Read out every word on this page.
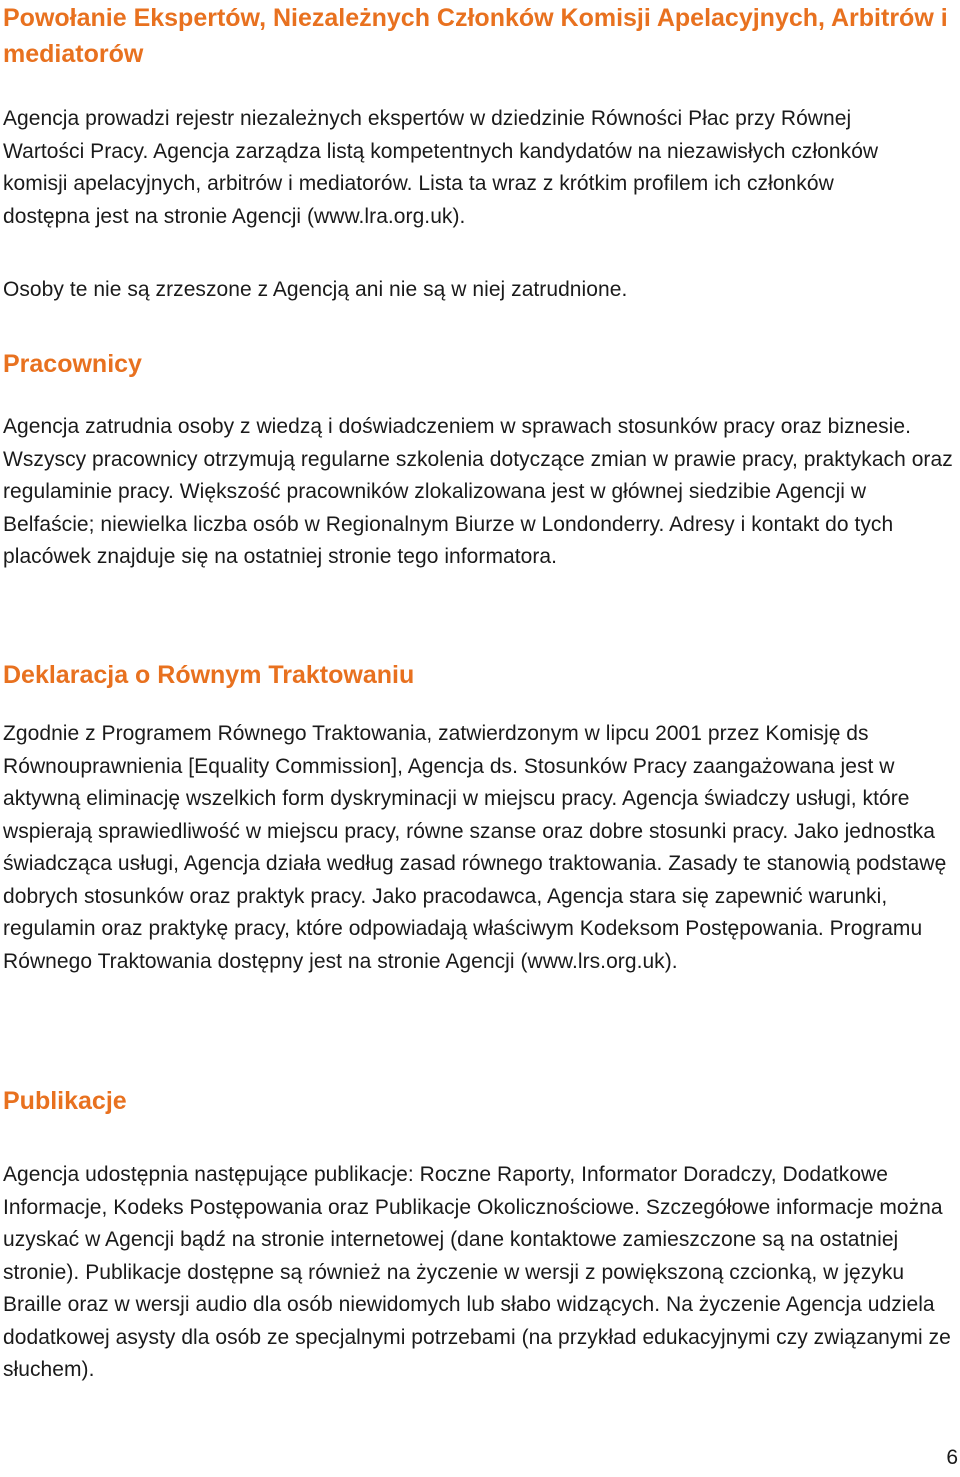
Powołanie Ekspertów, Niezależnych Członków Komisji Apelacyjnych, Arbitrów i mediatorów

Agencja prowadzi rejestr niezależnych ekspertów w dziedzinie Równości Płac przy Równej Wartości Pracy. Agencja zarządza listą kompetentnych kandydatów na niezawisłych członków komisji apelacyjnych, arbitrów i mediatorów. Lista ta wraz z krótkim profilem ich członków dostępna jest na stronie Agencji (www.lra.org.uk).

Osoby te nie są zrzeszone z Agencją ani nie są w niej zatrudnione.

Pracownicy

Agencja zatrudnia osoby z wiedzą i doświadczeniem w sprawach stosunków pracy oraz biznesie. Wszyscy pracownicy otrzymują regularne szkolenia dotyczące zmian w prawie pracy, praktykach oraz regulaminie pracy. Większość pracowników zlokalizowana jest w głównej siedzibie Agencji w Belfaście; niewielka liczba osób w Regionalnym Biurze w Londonderry. Adresy i kontakt do tych placówek znajduje się na ostatniej stronie tego informatora.

Deklaracja o Równym Traktowaniu

Zgodnie z Programem Równego Traktowania, zatwierdzonym w lipcu 2001 przez Komisję ds Równouprawnienia [Equality Commission], Agencja ds. Stosunków Pracy zaangażowana jest w aktywną eliminację wszelkich form dyskryminacji w miejscu pracy. Agencja świadczy usługi, które wspierają sprawiedliwość w miejscu pracy, równe szanse oraz dobre stosunki pracy. Jako jednostka świadcząca usługi, Agencja działa według zasad równego traktowania. Zasady te stanowią podstawę dobrych stosunków oraz praktyk pracy. Jako pracodawca, Agencja stara się zapewnić warunki, regulamin oraz praktykę pracy, które odpowiadają właściwym Kodeksom Postępowania. Programu Równego Traktowania dostępny jest na stronie Agencji (www.lrs.org.uk).

Publikacje

Agencja udostępnia następujące publikacje: Roczne Raporty, Informator Doradczy, Dodatkowe Informacje, Kodeks Postępowania oraz Publikacje Okolicznościowe. Szczegółowe informacje można uzyskać w Agencji bądź na stronie internetowej (dane kontaktowe zamieszczone są na ostatniej stronie). Publikacje dostępne są również na życzenie w wersji z powiększoną czcionką, w języku Braille oraz w wersji audio dla osób niewidomych lub słabo widzących. Na życzenie Agencja udziela dodatkowej asysty dla osób ze specjalnymi potrzebami (na przykład edukacyjnymi czy związanymi ze słuchem).

6
